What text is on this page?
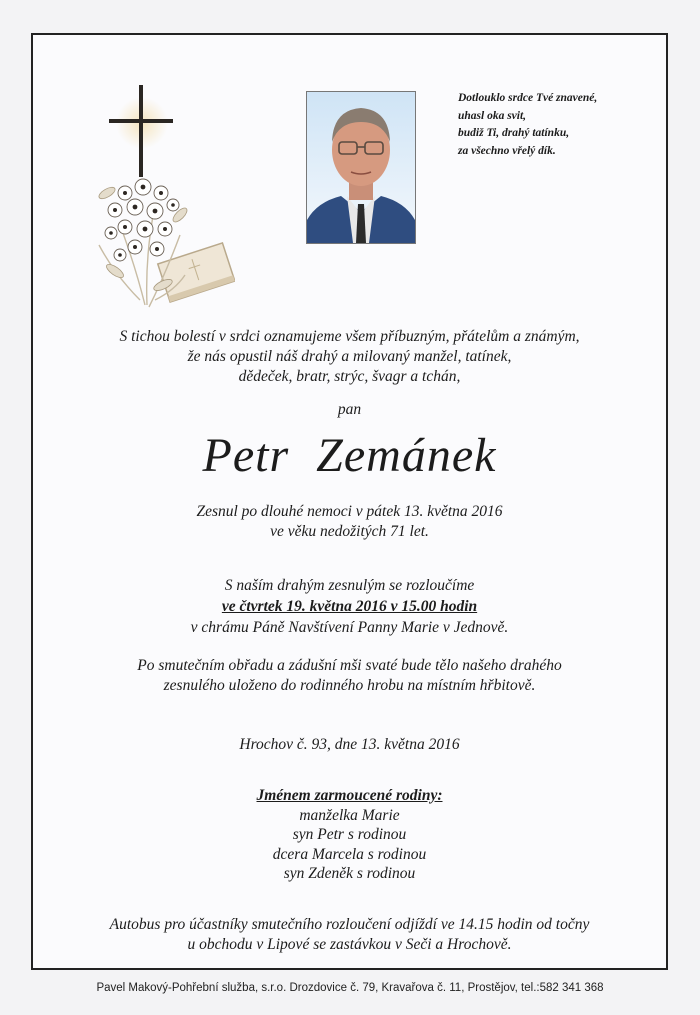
Dotlouklo srdce Tvé znavené,
uhasl oka svit,
budiž Ti, drahý tatínku,
za všechno vřelý dík.
S tichou bolestí v srdci oznamujeme všem příbuzným, přátelům a známým,
že nás opustil náš drahý a milovaný manžel, tatínek,
dědeček, bratr, strýc, švagr a tchán,
pan
Petr Zemánek
Zesnul po dlouhé nemoci v pátek 13. května 2016
ve věku nedožitých 71 let.
S naším drahým zesnulým se rozloučíme
ve čtvrtek 19. května 2016 v 15.00 hodin
v chrámu Páně Navštívení Panny Marie v Jednově.
Po smutečním obřadu a zádušní mši svaté bude tělo našeho drahého
zesnulého uloženo do rodinného hrobu na místním hřbitově.
Hrochov č. 93, dne 13. května 2016
Jménem zarmoucené rodiny:
manželka Marie
syn Petr s rodinou
dcera Marcela s rodinou
syn Zdeněk s rodinou
Autobus pro účastníky smutečního rozloučení odjíždí ve 14.15 hodin od točny
u obchodu v Lipové se zastávkou v Seči a Hrochově.
Pavel Makový-Pohřební služba, s.r.o. Drozdovice č. 79, Kravařova č. 11, Prostějov, tel.:582 341 368
